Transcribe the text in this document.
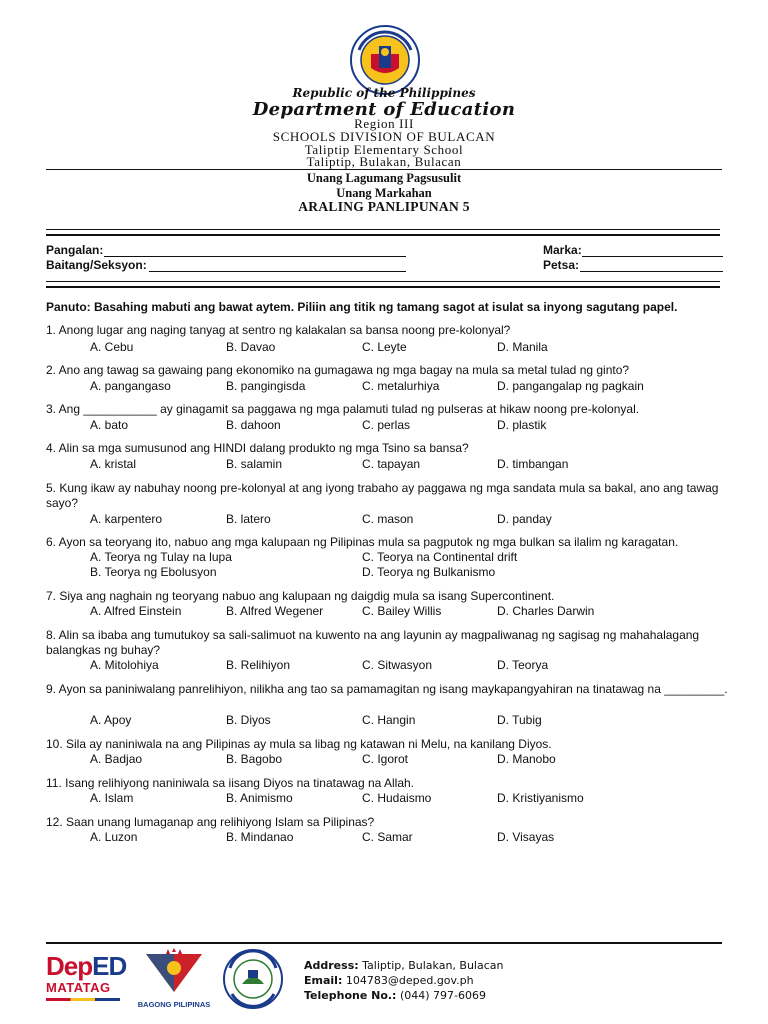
Republic of the Philippines
Department of Education
Region III
SCHOOLS DIVISION OF BULACAN
Taliptip Elementary School
Taliptip, Bulakan, Bulacan
Unang Lagumang Pagsusulit
Unang Markahan
ARALING PANLIPUNAN 5
Pangalan:	Marka:
Baitang/Seksyon:	Petsa:
Panuto: Basahing mabuti ang bawat aytem. Piliin ang titik ng tamang sagot at isulat sa inyong sagutang papel.
1. Anong lugar ang naging tanyag at sentro ng kalakalan sa bansa noong pre-kolonyal?
A. Cebu	B. Davao	C. Leyte	D. Manila
2. Ano ang tawag sa gawaing pang ekonomiko na gumagawa ng mga bagay na mula sa metal tulad ng ginto?
A. pangangaso	B. pangingisda	C. metalurhiya	D. pangangalap ng pagkain
3. Ang ___________ ay ginagamit sa paggawa ng mga palamuti tulad ng pulseras at hikaw noong pre-kolonyal.
A. bato	B. dahoon	C. perlas	D. plastik
4. Alin sa mga sumusunod ang HINDI dalang produkto ng mga Tsino sa bansa?
A. kristal	B. salamin	C. tapayan	D. timbangan
5. Kung ikaw ay nabuhay noong pre-kolonyal at ang iyong trabaho ay paggawa ng mga sandata mula sa bakal, ano ang tawag sayo?
A. karpentero	B. latero	C. mason	D. panday
6. Ayon sa teoryang ito, nabuo ang mga kalupaan ng Pilipinas mula sa pagputok ng mga bulkan sa ilalim ng karagatan.
A. Teorya ng Tulay na lupa	C. Teorya na Continental drift
B. Teorya ng Ebolusyon	D. Teorya ng Bulkanismo
7. Siya ang naghain ng teoryang nabuo ang kalupaan ng daigdig mula sa isang Supercontinent.
A. Alfred Einstein	B. Alfred Wegener	C. Bailey Willis	D. Charles Darwin
8. Alin sa ibaba ang tumutukoy sa sali-salimuot na kuwento na ang layunin ay magpaliwanag ng sagisag ng mahahalagang balangkas ng buhay?
A. Mitolohiya	B. Relihiyon	C. Sitwasyon	D. Teorya
9. Ayon sa paniniwalang panrelihiyon, nilikha ang tao sa pamamagitan ng isang maykapangyahiran na tinatawag na _________.
A. Apoy	B. Diyos	C. Hangin	D. Tubig
10. Sila ay naniniwala na ang Pilipinas ay mula sa libag ng katawan ni Melu, na kanilang Diyos.
A. Badjao	B. Bagobo	C. Igorot	D. Manobo
11. Isang relihiyong naniniwala sa iisang Diyos na tinatawag na Allah.
A. Islam	B. Animismo	C. Hudaismo	D. Kristiyanismo
12. Saan unang lumaganap ang relihiyong Islam sa Pilipinas?
A. Luzon	B. Mindanao	C. Samar	D. Visayas
DepED
MATATAG
BAGONG PILIPINAS
Address: Taliptip, Bulakan, Bulacan
Email: 104783@deped.gov.ph
Telephone No.: (044) 797-6069
